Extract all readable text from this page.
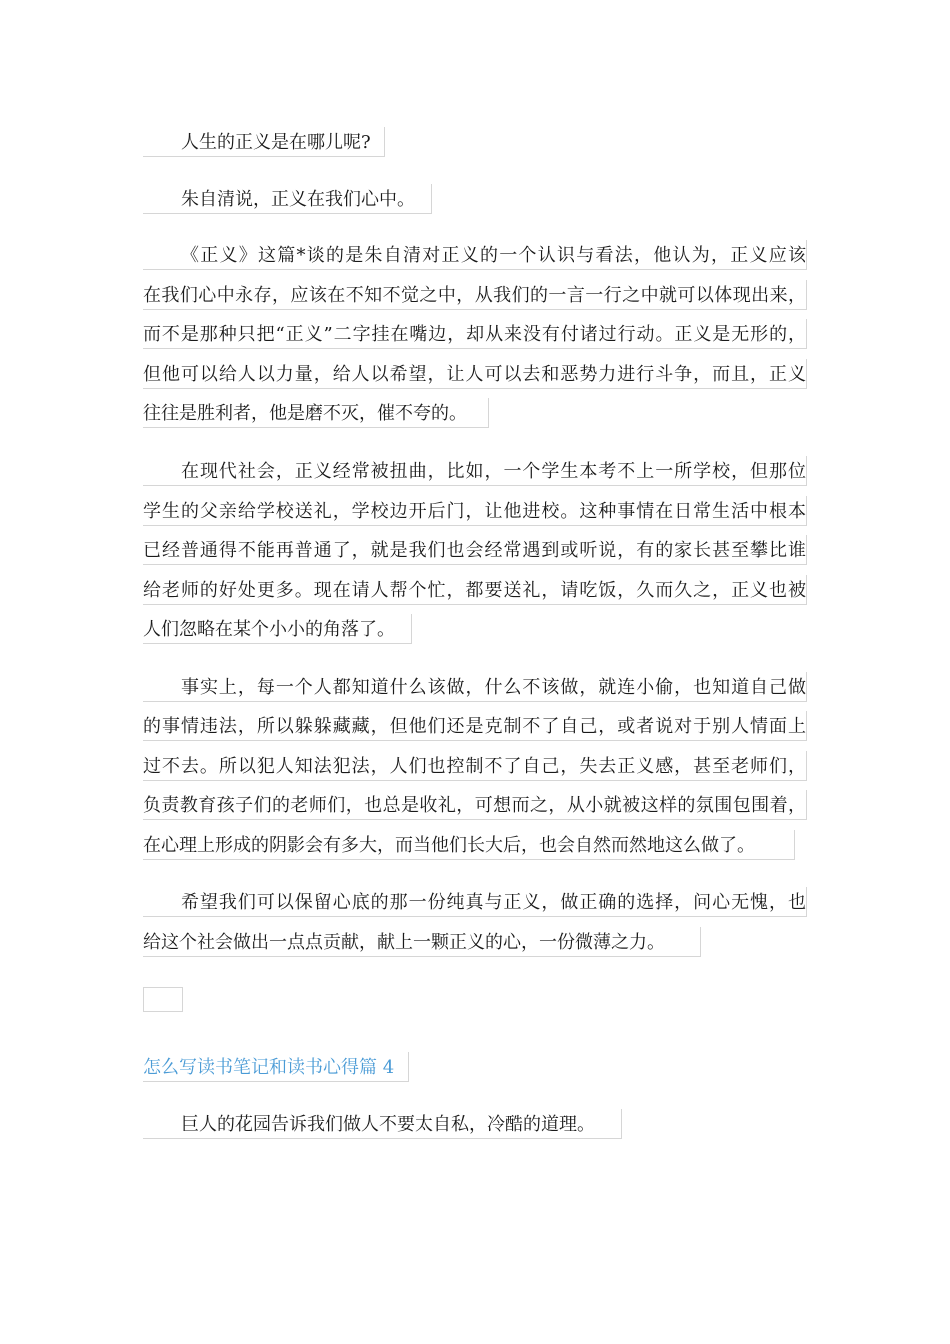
人生的正义是在哪儿呢?
朱自清说，正义在我们心中。
《正义》这篇*谈的是朱自清对正义的一个认识与看法，他认为，正义应该
在我们心中永存，应该在不知不觉之中，从我们的一言一行之中就可以体现出来，
而不是那种只把“正义”二字挂在嘴边，却从来没有付诸过行动。正义是无形的，
但他可以给人以力量，给人以希望，让人可以去和恶势力进行斗争，而且，正义
往往是胜利者，他是磨不灭，催不夸的。
在现代社会，正义经常被扭曲，比如，一个学生本考不上一所学校，但那位
学生的父亲给学校送礼，学校边开后门，让他进校。这种事情在日常生活中根本
已经普通得不能再普通了，就是我们也会经常遇到或听说，有的家长甚至攀比谁
给老师的好处更多。现在请人帮个忙，都要送礼，请吃饭，久而久之，正义也被
人们忽略在某个小小的角落了。
事实上，每一个人都知道什么该做，什么不该做，就连小偷，也知道自己做
的事情违法，所以躲躲藏藏，但他们还是克制不了自己，或者说对于别人情面上
过不去。所以犯人知法犯法，人们也控制不了自己，失去正义感，甚至老师们，
负责教育孩子们的老师们，也总是收礼，可想而之，从小就被这样的氛围包围着，
在心理上形成的阴影会有多大，而当他们长大后，也会自然而然地这么做了。
希望我们可以保留心底的那一份纯真与正义，做正确的选择，问心无愧，也
给这个社会做出一点点贡献，献上一颗正义的心，一份微薄之力。
怎么写读书笔记和读书心得篇 4
巨人的花园告诉我们做人不要太自私，冷酷的道理。
